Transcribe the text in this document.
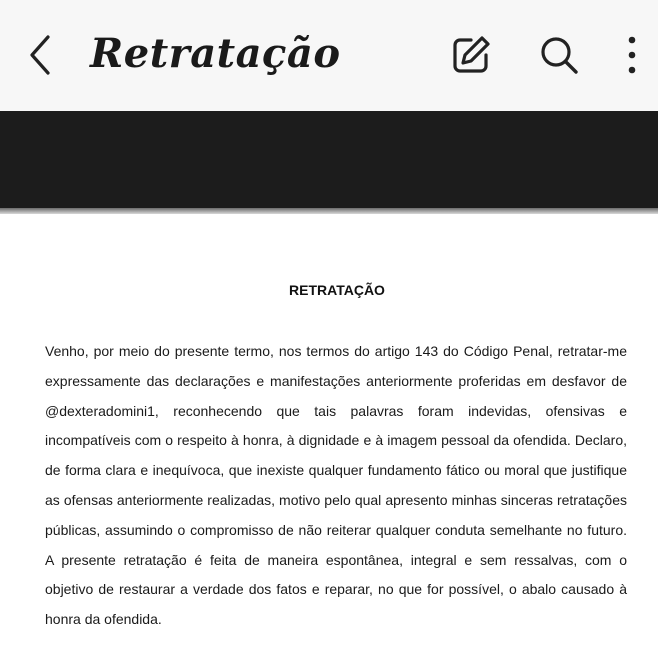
Retratação
RETRATAÇÃO

Venho, por meio do presente termo, nos termos do artigo 143 do Código Penal, retratar-me expressamente das declarações e manifestações anteriormente proferidas em desfavor de @dexteradomini1, reconhecendo que tais palavras foram indevidas, ofensivas e incompatíveis com o respeito à honra, à dignidade e à imagem pessoal da ofendida. Declaro, de forma clara e inequívoca, que inexiste qualquer fundamento fático ou moral que justifique as ofensas anteriormente realizadas, motivo pelo qual apresento minhas sinceras retratações públicas, assumindo o compromisso de não reiterar qualquer conduta semelhante no futuro. A presente retratação é feita de maneira espontânea, integral e sem ressalvas, com o objetivo de restaurar a verdade dos fatos e reparar, no que for possível, o abalo causado à honra da ofendida.
